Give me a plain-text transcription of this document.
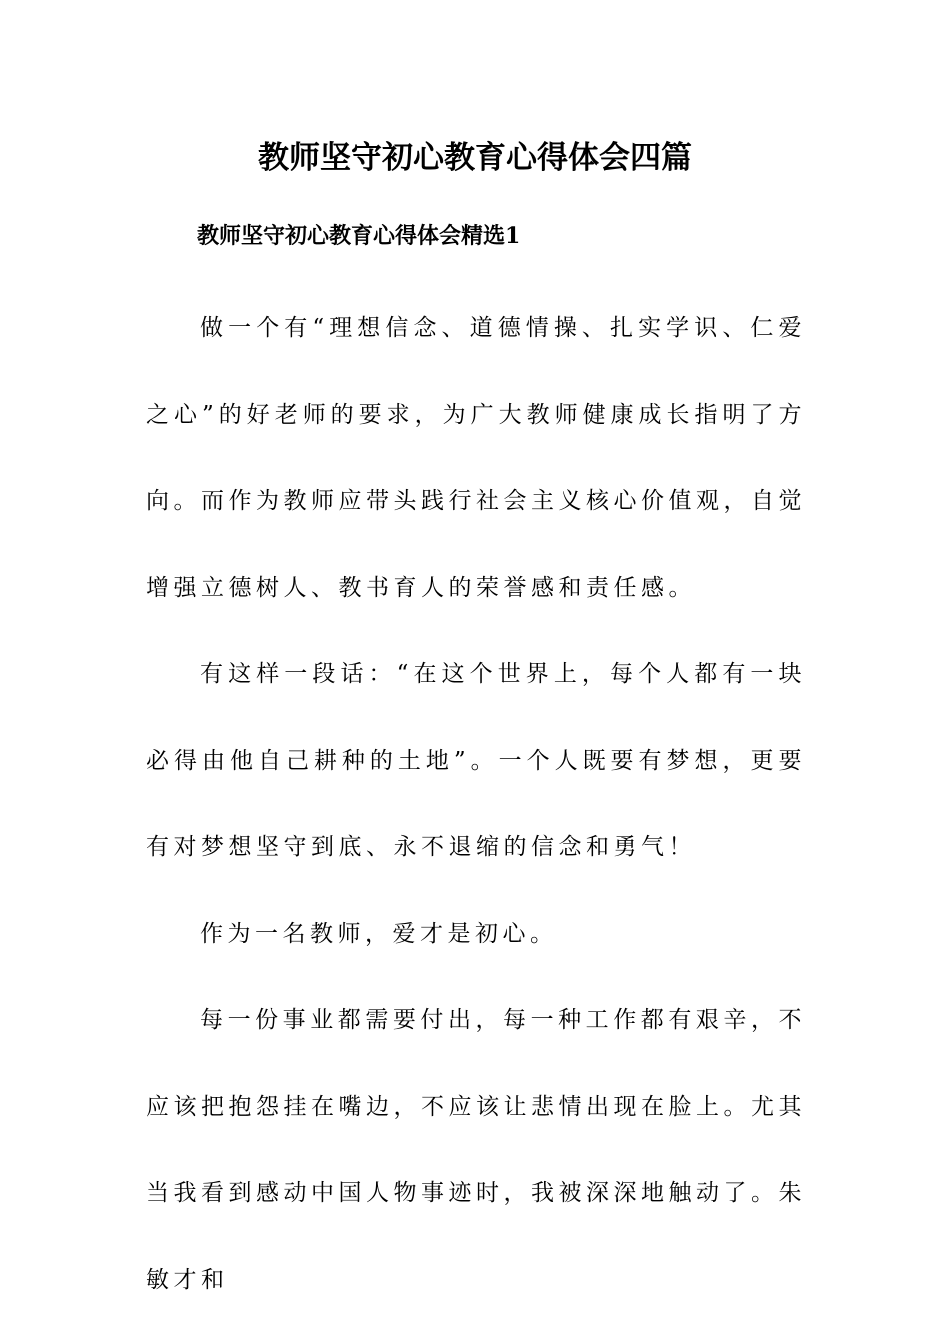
教师坚守初心教育心得体会四篇
教师坚守初心教育心得体会精选1

做一个有“理想信念、道德情操、扎实学识、仁爱之心”的好老师的要求，为广大教师健康成长指明了方向。而作为教师应带头践行社会主义核心价值观，自觉增强立德树人、教书育人的荣誉感和责任感。

有这样一段话：“在这个世界上，每个人都有一块必得由他自己耕种的土地”。一个人既要有梦想，更要有对梦想坚守到底、永不退缩的信念和勇气！

作为一名教师，爱才是初心。

每一份事业都需要付出，每一种工作都有艰辛，不应该把抱怨挂在嘴边，不应该让悲情出现在脸上。尤其当我看到感动中国人物事迹时，我被深深地触动了。朱敏才和
